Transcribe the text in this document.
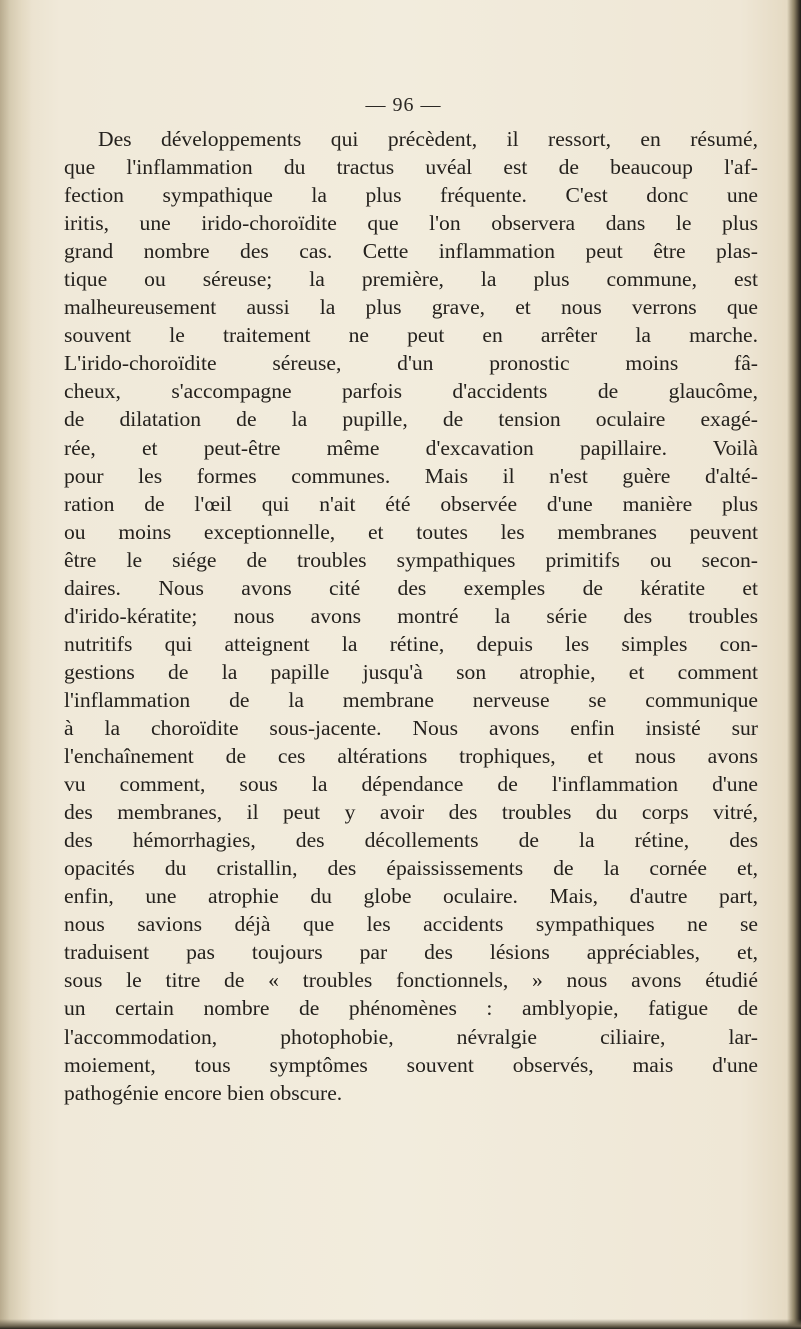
— 96 —
Des développements qui précèdent, il ressort, en résumé,
que l'inflammation du tractus uvéal est de beaucoup l'af-
fection sympathique la plus fréquente. C'est donc une
iritis, une irido-choroïdite que l'on observera dans le plus
grand nombre des cas. Cette inflammation peut être plas-
tique ou séreuse; la première, la plus commune, est
malheureusement aussi la plus grave, et nous verrons que
souvent le traitement ne peut en arrêter la marche.
L'irido-choroïdite séreuse, d'un pronostic moins fâ-
cheux, s'accompagne parfois d'accidents de glaucôme,
de dilatation de la pupille, de tension oculaire exagé-
rée, et peut-être même d'excavation papillaire. Voilà
pour les formes communes. Mais il n'est guère d'alté-
ration de l'œil qui n'ait été observée d'une manière plus
ou moins exceptionnelle, et toutes les membranes peuvent
être le siége de troubles sympathiques primitifs ou secon-
daires. Nous avons cité des exemples de kératite et
d'irido-kératite; nous avons montré la série des troubles
nutritifs qui atteignent la rétine, depuis les simples con-
gestions de la papille jusqu'à son atrophie, et comment
l'inflammation de la membrane nerveuse se communique
à la choroïdite sous-jacente. Nous avons enfin insisté sur
l'enchaînement de ces altérations trophiques, et nous avons
vu comment, sous la dépendance de l'inflammation d'une
des membranes, il peut y avoir des troubles du corps vitré,
des hémorrhagies, des décollements de la rétine, des
opacités du cristallin, des épaississements de la cornée et,
enfin, une atrophie du globe oculaire. Mais, d'autre part,
nous savions déjà que les accidents sympathiques ne se
traduisent pas toujours par des lésions appréciables, et,
sous le titre de « troubles fonctionnels, » nous avons étudié
un certain nombre de phénomènes : amblyopie, fatigue de
l'accommodation, photophobie, névralgie ciliaire, lar-
moiement, tous symptômes souvent observés, mais d'une
pathogénie encore bien obscure.
